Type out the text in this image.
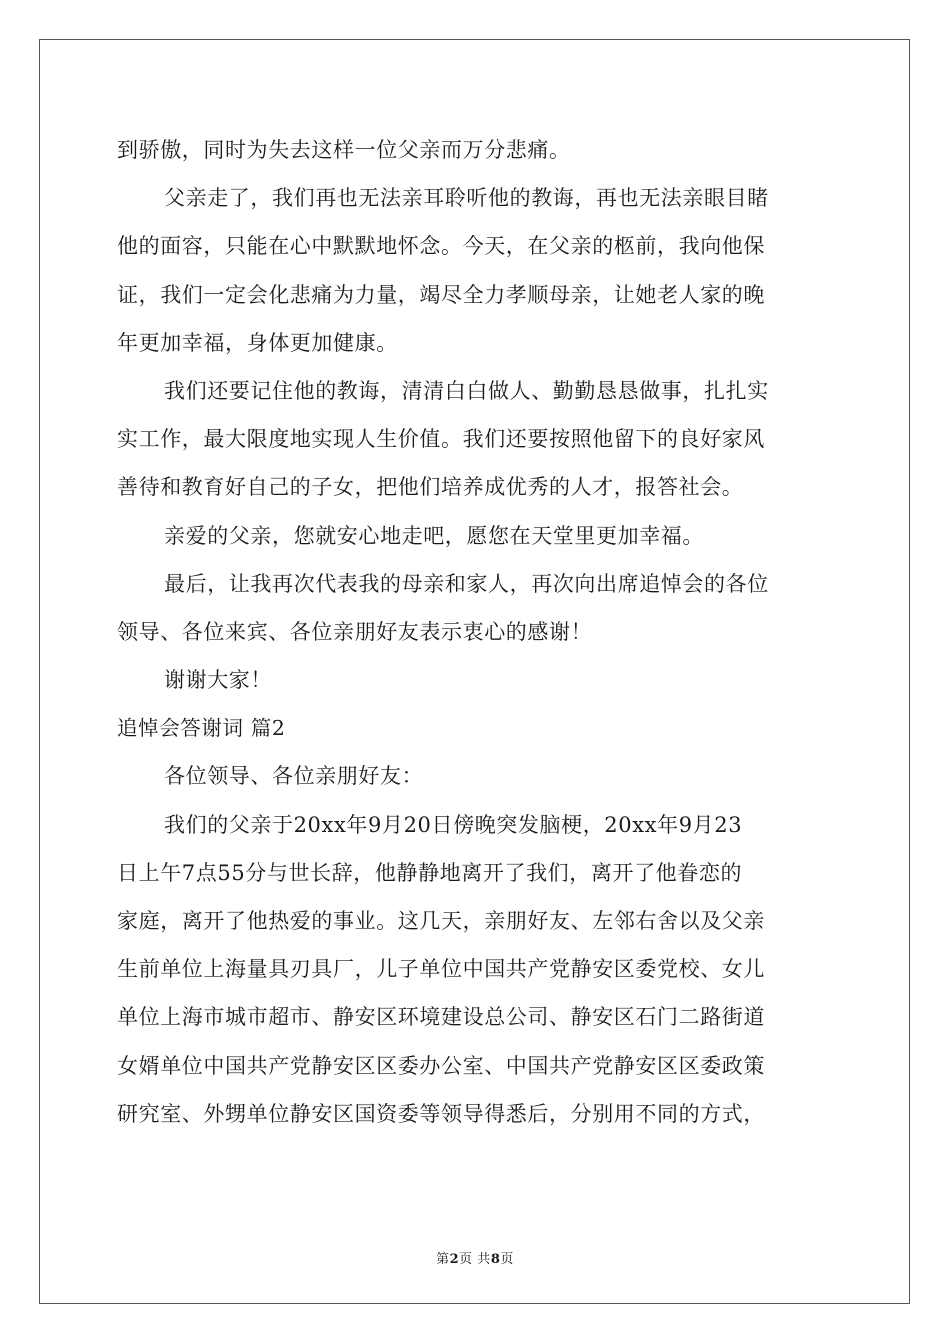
到骄傲，同时为失去这样一位父亲而万分悲痛。
父亲走了，我们再也无法亲耳聆听他的教诲，再也无法亲眼目睹
他的面容，只能在心中默默地怀念。今天，在父亲的柩前，我向他保
证，我们一定会化悲痛为力量，竭尽全力孝顺母亲，让她老人家的晚
年更加幸福，身体更加健康。
我们还要记住他的教诲，清清白白做人、勤勤恳恳做事，扎扎实
实工作，最大限度地实现人生价值。我们还要按照他留下的良好家风
善待和教育好自己的子女，把他们培养成优秀的人才，报答社会。
亲爱的父亲，您就安心地走吧，愿您在天堂里更加幸福。
最后，让我再次代表我的母亲和家人，再次向出席追悼会的各位
领导、各位来宾、各位亲朋好友表示衷心的感谢！
谢谢大家！
追悼会答谢词 篇2
各位领导、各位亲朋好友：
我们的父亲于20xx年9月20日傍晚突发脑梗，20xx年9月23
日上午7点55分与世长辞，他静静地离开了我们，离开了他眷恋的
家庭，离开了他热爱的事业。这几天，亲朋好友、左邻右舍以及父亲
生前单位上海量具刃具厂，儿子单位中国共产党静安区委党校、女儿
单位上海市城市超市、静安区环境建设总公司、静安区石门二路街道
女婿单位中国共产党静安区区委办公室、中国共产党静安区区委政策
研究室、外甥单位静安区国资委等领导得悉后，分别用不同的方式，
第2页 共8页
